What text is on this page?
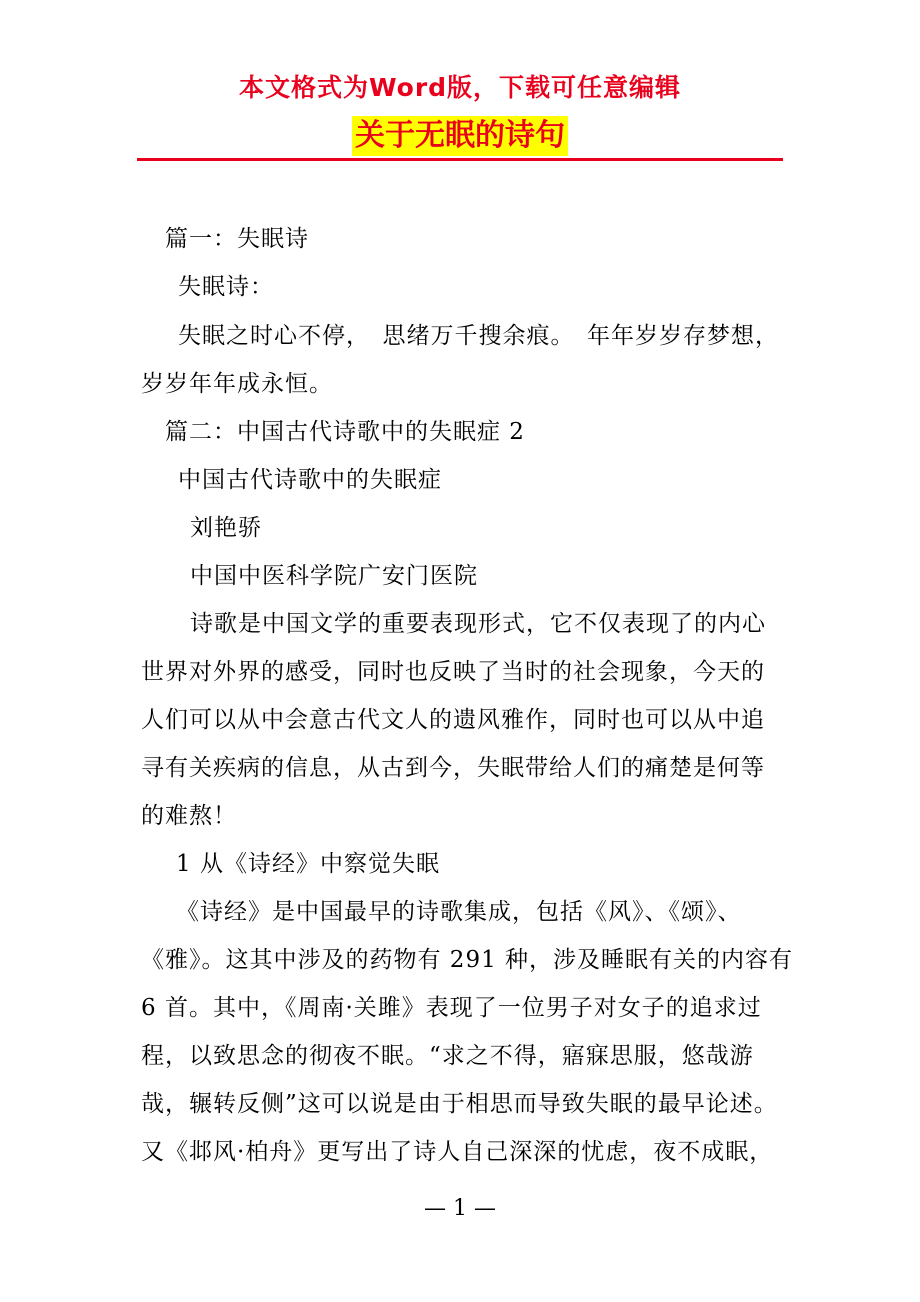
本文格式为Word版，下载可任意编辑
关于无眠的诗句
篇一：失眠诗
失眠诗：
失眠之时心不停，　思绪万千搜余痕。　年年岁岁存梦想，
岁岁年年成永恒。
篇二：中国古代诗歌中的失眠症 2
中国古代诗歌中的失眠症
刘艳骄
中国中医科学院广安门医院
诗歌是中国文学的重要表现形式，它不仅表现了的内心
世界对外界的感受，同时也反映了当时的社会现象，今天的
人们可以从中会意古代文人的遗风雅作，同时也可以从中追
寻有关疾病的信息，从古到今，失眠带给人们的痛楚是何等
的难熬！
1 从《诗经》中察觉失眠
《诗经》是中国最早的诗歌集成，包括《风》、《颂》、
《雅》。这其中涉及的药物有 291 种，涉及睡眠有关的内容有
6 首。其中，《周南·关雎》表现了一位男子对女子的追求过
程，以致思念的彻夜不眠。“求之不得，寤寐思服，悠哉游
哉，辗转反侧”这可以说是由于相思而导致失眠的最早论述。
又《邶风·柏舟》更写出了诗人自己深深的忧虑，夜不成眠，
— 1 —
